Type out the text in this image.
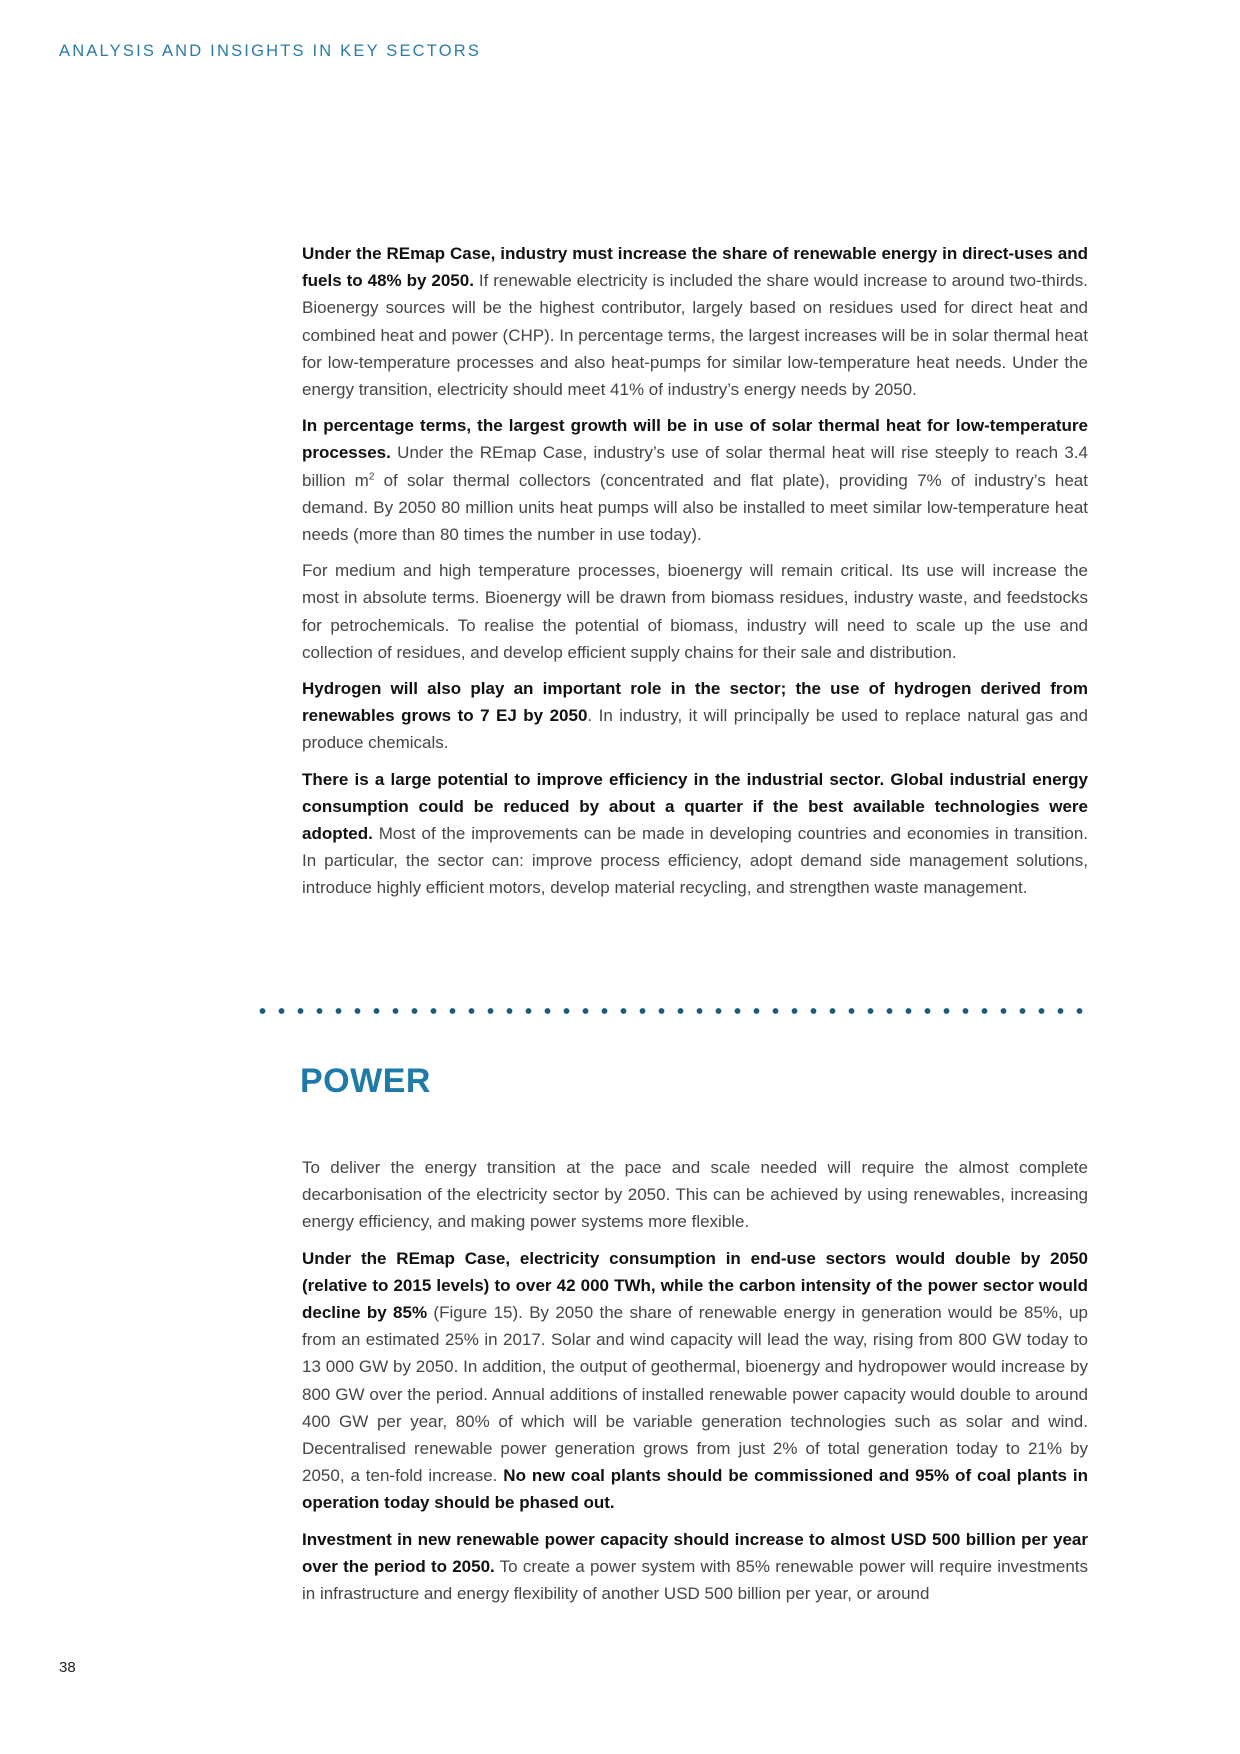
ANALYSIS AND INSIGHTS IN KEY SECTORS

Under the REmap Case, industry must increase the share of renewable energy in direct-uses and fuels to 48% by 2050. If renewable electricity is included the share would increase to around two-thirds. Bioenergy sources will be the highest contributor, largely based on residues used for direct heat and combined heat and power (CHP). In percentage terms, the largest increases will be in solar thermal heat for low-temperature processes and also heat-pumps for similar low-temperature heat needs. Under the energy transition, electricity should meet 41% of industry’s energy needs by 2050.

In percentage terms, the largest growth will be in use of solar thermal heat for low-temperature processes. Under the REmap Case, industry’s use of solar thermal heat will rise steeply to reach 3.4 billion $m^2$ of solar thermal collectors (concentrated and flat plate), providing 7% of industry’s heat demand. By 2050 80 million units heat pumps will also be installed to meet similar low-temperature heat needs (more than 80 times the number in use today).

For medium and high temperature processes, bioenergy will remain critical. Its use will increase the most in absolute terms. Bioenergy will be drawn from biomass residues, industry waste, and feedstocks for petrochemicals. To realise the potential of biomass, industry will need to scale up the use and collection of residues, and develop efficient supply chains for their sale and distribution.

Hydrogen will also play an important role in the sector; the use of hydrogen derived from renewables grows to 7 EJ by 2050. In industry, it will principally be used to replace natural gas and produce chemicals.

There is a large potential to improve efficiency in the industrial sector. Global industrial energy consumption could be reduced by about a quarter if the best available technologies were adopted. Most of the improvements can be made in developing countries and economies in transition. In particular, the sector can: improve process efficiency, adopt demand side management solutions, introduce highly efficient motors, develop material recycling, and strengthen waste management.

POWER

To deliver the energy transition at the pace and scale needed will require the almost complete decarbonisation of the electricity sector by 2050. This can be achieved by using renewables, increasing energy efficiency, and making power systems more flexible.

Under the REmap Case, electricity consumption in end-use sectors would double by 2050 (relative to 2015 levels) to over 42 000 TWh, while the carbon intensity of the power sector would decline by 85% (Figure 15). By 2050 the share of renewable energy in generation would be 85%, up from an estimated 25% in 2017. Solar and wind capacity will lead the way, rising from 800 GW today to 13 000 GW by 2050. In addition, the output of geothermal, bioenergy and hydropower would increase by 800 GW over the period. Annual additions of installed renewable power capacity would double to around 400 GW per year, 80% of which will be variable generation technologies such as solar and wind. Decentralised renewable power generation grows from just 2% of total generation today to 21% by 2050, a ten-fold increase. No new coal plants should be commissioned and 95% of coal plants in operation today should be phased out.

Investment in new renewable power capacity should increase to almost USD 500 billion per year over the period to 2050. To create a power system with 85% renewable power will require investments in infrastructure and energy flexibility of another USD 500 billion per year, or around

38
